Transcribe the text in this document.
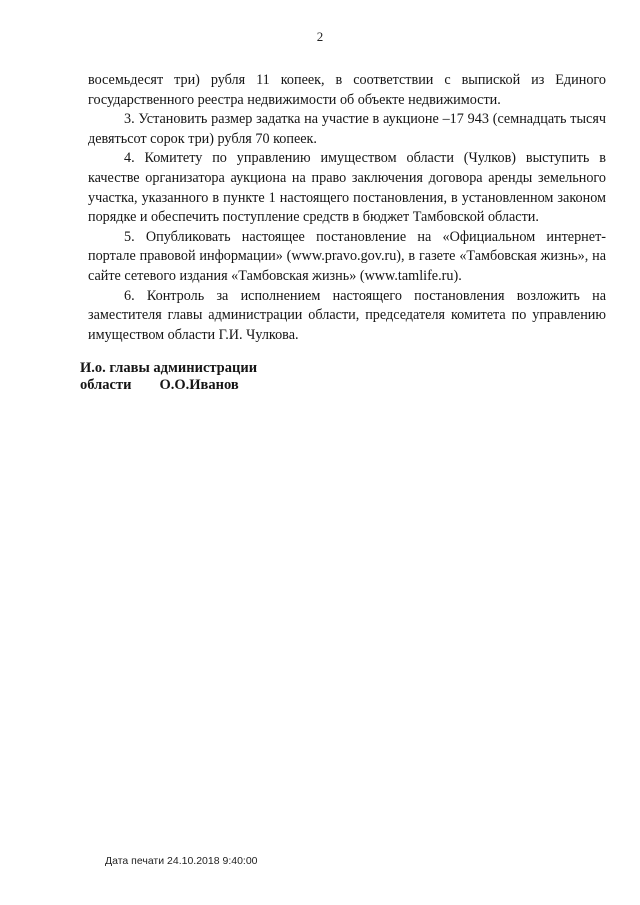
2

восемьдесят три) рубля 11 копеек, в соответствии с выпиской из Единого государственного реестра недвижимости об объекте недвижимости.

3. Установить размер задатка на участие в аукционе –17 943 (семнадцать тысяч девятьсот сорок три) рубля 70 копеек.

4. Комитету по управлению имуществом области (Чулков) выступить в качестве организатора аукциона на право заключения договора аренды земельного участка, указанного в пункте 1 настоящего постановления, в установленном законом порядке и обеспечить поступление средств в бюджет Тамбовской области.

5. Опубликовать настоящее постановление на «Официальном интернет-портале правовой информации» (www.pravo.gov.ru), в газете «Тамбовская жизнь», на сайте сетевого издания «Тамбовская жизнь» (www.tamlife.ru).

6. Контроль за исполнением настоящего постановления возложить на заместителя главы администрации области, председателя комитета по управлению имуществом области Г.И. Чулкова.

И.о. главы администрации
области О.О.Иванов
Дата печати 24.10.2018 9:40:00
